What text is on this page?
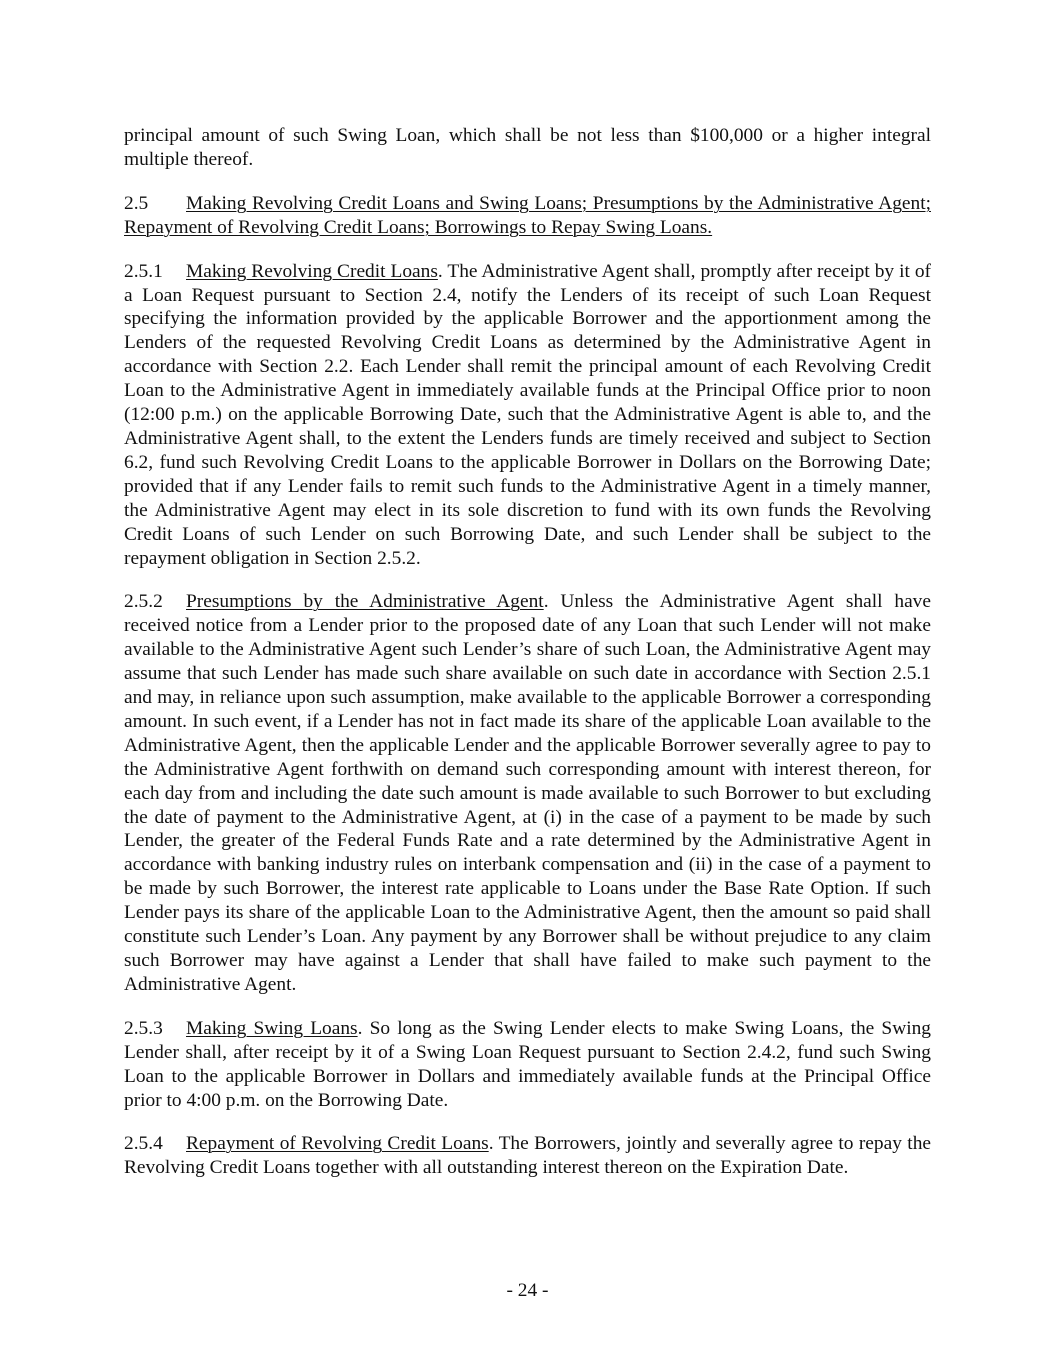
principal amount of such Swing Loan, which shall be not less than $100,000 or a higher integral multiple thereof.

2.5 Making Revolving Credit Loans and Swing Loans; Presumptions by the Administrative Agent; Repayment of Revolving Credit Loans; Borrowings to Repay Swing Loans.

2.5.1 Making Revolving Credit Loans. The Administrative Agent shall, promptly after receipt by it of a Loan Request pursuant to Section 2.4, notify the Lenders of its receipt of such Loan Request specifying the information provided by the applicable Borrower and the apportionment among the Lenders of the requested Revolving Credit Loans as determined by the Administrative Agent in accordance with Section 2.2. Each Lender shall remit the principal amount of each Revolving Credit Loan to the Administrative Agent in immediately available funds at the Principal Office prior to noon (12:00 p.m.) on the applicable Borrowing Date, such that the Administrative Agent is able to, and the Administrative Agent shall, to the extent the Lenders funds are timely received and subject to Section 6.2, fund such Revolving Credit Loans to the applicable Borrower in Dollars on the Borrowing Date; provided that if any Lender fails to remit such funds to the Administrative Agent in a timely manner, the Administrative Agent may elect in its sole discretion to fund with its own funds the Revolving Credit Loans of such Lender on such Borrowing Date, and such Lender shall be subject to the repayment obligation in Section 2.5.2.

2.5.2 Presumptions by the Administrative Agent. Unless the Administrative Agent shall have received notice from a Lender prior to the proposed date of any Loan that such Lender will not make available to the Administrative Agent such Lender’s share of such Loan, the Administrative Agent may assume that such Lender has made such share available on such date in accordance with Section 2.5.1 and may, in reliance upon such assumption, make available to the applicable Borrower a corresponding amount. In such event, if a Lender has not in fact made its share of the applicable Loan available to the Administrative Agent, then the applicable Lender and the applicable Borrower severally agree to pay to the Administrative Agent forthwith on demand such corresponding amount with interest thereon, for each day from and including the date such amount is made available to such Borrower to but excluding the date of payment to the Administrative Agent, at (i) in the case of a payment to be made by such Lender, the greater of the Federal Funds Rate and a rate determined by the Administrative Agent in accordance with banking industry rules on interbank compensation and (ii) in the case of a payment to be made by such Borrower, the interest rate applicable to Loans under the Base Rate Option. If such Lender pays its share of the applicable Loan to the Administrative Agent, then the amount so paid shall constitute such Lender’s Loan. Any payment by any Borrower shall be without prejudice to any claim such Borrower may have against a Lender that shall have failed to make such payment to the Administrative Agent.

2.5.3 Making Swing Loans. So long as the Swing Lender elects to make Swing Loans, the Swing Lender shall, after receipt by it of a Swing Loan Request pursuant to Section 2.4.2, fund such Swing Loan to the applicable Borrower in Dollars and immediately available funds at the Principal Office prior to 4:00 p.m. on the Borrowing Date.

2.5.4 Repayment of Revolving Credit Loans. The Borrowers, jointly and severally agree to repay the Revolving Credit Loans together with all outstanding interest thereon on the Expiration Date.

- 24 -
